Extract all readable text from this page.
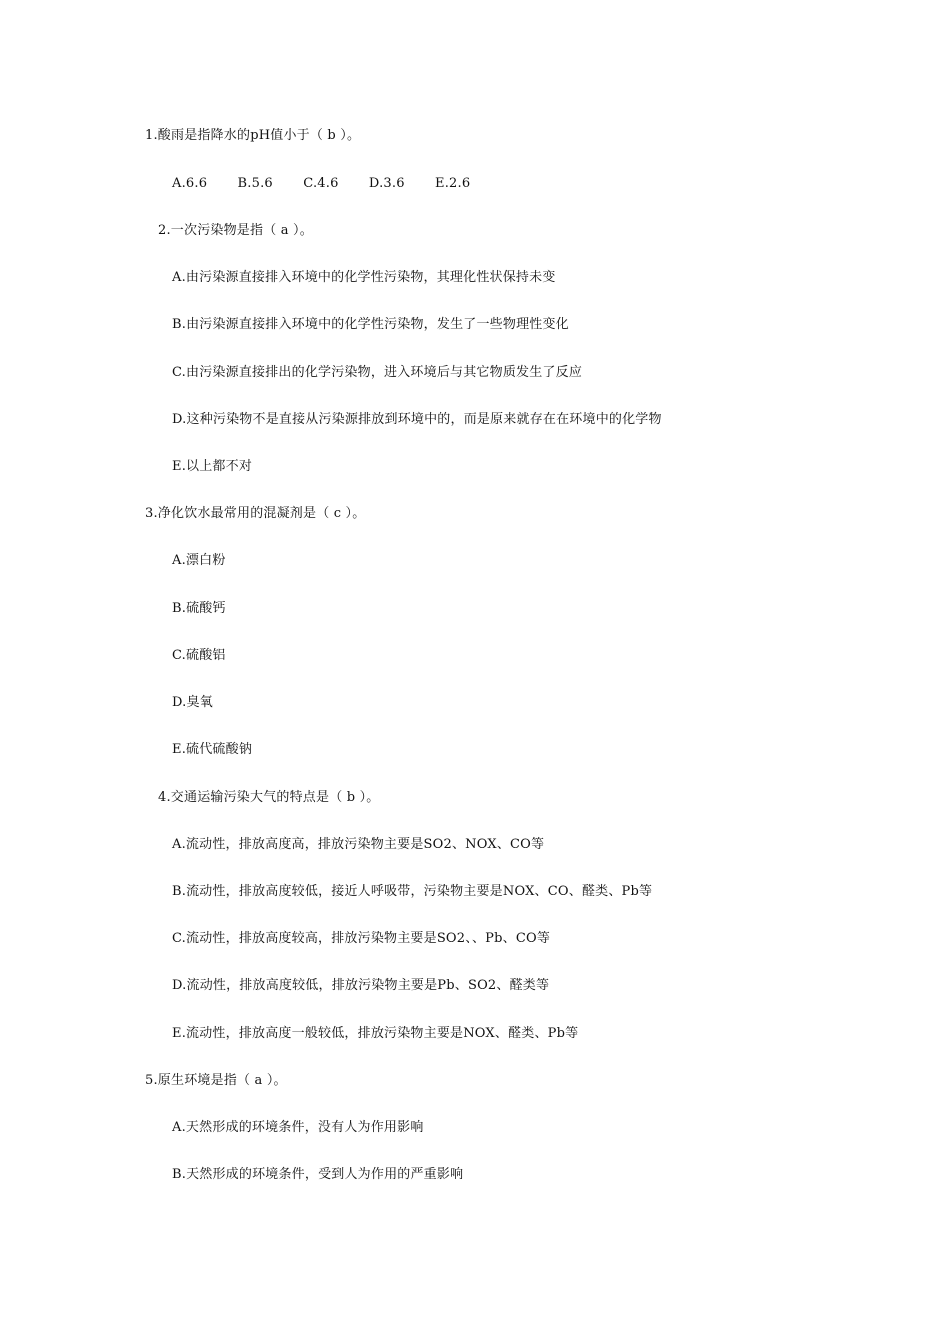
1.酸雨是指降水的pH值小于（ b ）。
A.6.6 B.5.6 C.4.6 D.3.6 E.2.6
2.一次污染物是指（ a ）。
A.由污染源直接排入环境中的化学性污染物，其理化性状保持未变
B.由污染源直接排入环境中的化学性污染物，发生了一些物理性变化
C.由污染源直接排出的化学污染物，进入环境后与其它物质发生了反应
D.这种污染物不是直接从污染源排放到环境中的，而是原来就存在在环境中的化学物
E.以上都不对
3.净化饮水最常用的混凝剂是（ c ）。
A.漂白粉
B.硫酸钙
C.硫酸铝
D.臭氧
E.硫代硫酸钠
4.交通运输污染大气的特点是（ b ）。
A.流动性，排放高度高，排放污染物主要是SO2、NOX、CO等
B.流动性，排放高度较低，接近人呼吸带，污染物主要是NOX、CO、醛类、Pb等
C.流动性，排放高度较高，排放污染物主要是SO2、、Pb、CO等
D.流动性，排放高度较低，排放污染物主要是Pb、SO2、醛类等
E.流动性，排放高度一般较低，排放污染物主要是NOX、醛类、Pb等
5.原生环境是指（ a ）。
A.天然形成的环境条件，没有人为作用影响
B.天然形成的环境条件，受到人为作用的严重影响
